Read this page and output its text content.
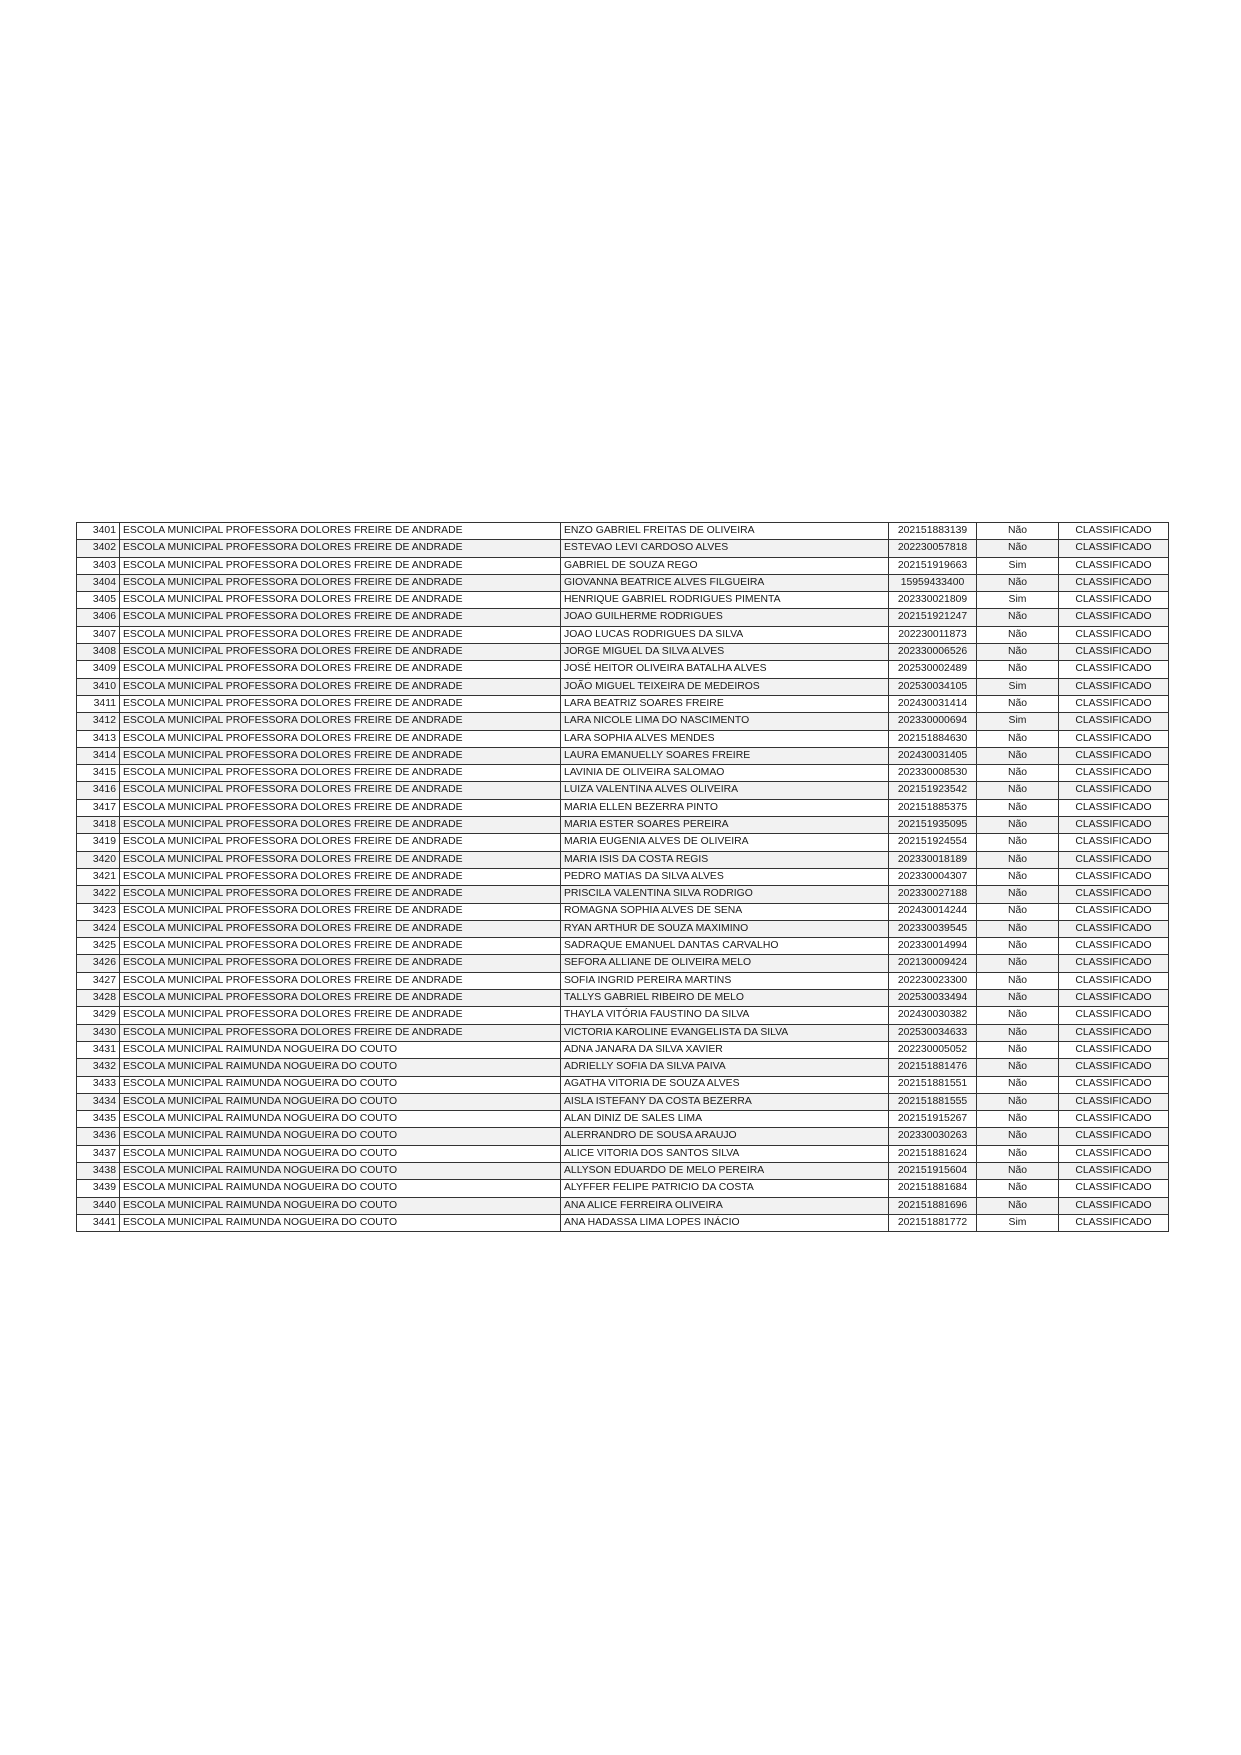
3401	ESCOLA MUNICIPAL PROFESSORA DOLORES FREIRE DE ANDRADE	ENZO GABRIEL FREITAS DE OLIVEIRA	202151883139	Não	CLASSIFICADO
3402	ESCOLA MUNICIPAL PROFESSORA DOLORES FREIRE DE ANDRADE	ESTEVAO LEVI CARDOSO ALVES	202230057818	Não	CLASSIFICADO
3403	ESCOLA MUNICIPAL PROFESSORA DOLORES FREIRE DE ANDRADE	GABRIEL DE SOUZA REGO	202151919663	Sim	CLASSIFICADO
3404	ESCOLA MUNICIPAL PROFESSORA DOLORES FREIRE DE ANDRADE	GIOVANNA BEATRICE ALVES FILGUEIRA	15959433400	Não	CLASSIFICADO
3405	ESCOLA MUNICIPAL PROFESSORA DOLORES FREIRE DE ANDRADE	HENRIQUE GABRIEL RODRIGUES PIMENTA	202330021809	Sim	CLASSIFICADO
3406	ESCOLA MUNICIPAL PROFESSORA DOLORES FREIRE DE ANDRADE	JOAO GUILHERME RODRIGUES	202151921247	Não	CLASSIFICADO
3407	ESCOLA MUNICIPAL PROFESSORA DOLORES FREIRE DE ANDRADE	JOAO LUCAS RODRIGUES DA SILVA	202230011873	Não	CLASSIFICADO
3408	ESCOLA MUNICIPAL PROFESSORA DOLORES FREIRE DE ANDRADE	JORGE MIGUEL DA SILVA ALVES	202330006526	Não	CLASSIFICADO
3409	ESCOLA MUNICIPAL PROFESSORA DOLORES FREIRE DE ANDRADE	JOSÉ HEITOR OLIVEIRA BATALHA ALVES	202530002489	Não	CLASSIFICADO
3410	ESCOLA MUNICIPAL PROFESSORA DOLORES FREIRE DE ANDRADE	JOÃO MIGUEL TEIXEIRA DE MEDEIROS	202530034105	Sim	CLASSIFICADO
3411	ESCOLA MUNICIPAL PROFESSORA DOLORES FREIRE DE ANDRADE	LARA BEATRIZ SOARES FREIRE	202430031414	Não	CLASSIFICADO
3412	ESCOLA MUNICIPAL PROFESSORA DOLORES FREIRE DE ANDRADE	LARA NICOLE LIMA DO NASCIMENTO	202330000694	Sim	CLASSIFICADO
3413	ESCOLA MUNICIPAL PROFESSORA DOLORES FREIRE DE ANDRADE	LARA SOPHIA ALVES MENDES	202151884630	Não	CLASSIFICADO
3414	ESCOLA MUNICIPAL PROFESSORA DOLORES FREIRE DE ANDRADE	LAURA EMANUELLY SOARES FREIRE	202430031405	Não	CLASSIFICADO
3415	ESCOLA MUNICIPAL PROFESSORA DOLORES FREIRE DE ANDRADE	LAVINIA DE OLIVEIRA SALOMAO	202330008530	Não	CLASSIFICADO
3416	ESCOLA MUNICIPAL PROFESSORA DOLORES FREIRE DE ANDRADE	LUIZA VALENTINA ALVES OLIVEIRA	202151923542	Não	CLASSIFICADO
3417	ESCOLA MUNICIPAL PROFESSORA DOLORES FREIRE DE ANDRADE	MARIA ELLEN BEZERRA PINTO	202151885375	Não	CLASSIFICADO
3418	ESCOLA MUNICIPAL PROFESSORA DOLORES FREIRE DE ANDRADE	MARIA ESTER SOARES PEREIRA	202151935095	Não	CLASSIFICADO
3419	ESCOLA MUNICIPAL PROFESSORA DOLORES FREIRE DE ANDRADE	MARIA EUGENIA ALVES DE OLIVEIRA	202151924554	Não	CLASSIFICADO
3420	ESCOLA MUNICIPAL PROFESSORA DOLORES FREIRE DE ANDRADE	MARIA ISIS DA COSTA REGIS	202330018189	Não	CLASSIFICADO
3421	ESCOLA MUNICIPAL PROFESSORA DOLORES FREIRE DE ANDRADE	PEDRO MATIAS DA SILVA ALVES	202330004307	Não	CLASSIFICADO
3422	ESCOLA MUNICIPAL PROFESSORA DOLORES FREIRE DE ANDRADE	PRISCILA VALENTINA SILVA RODRIGO	202330027188	Não	CLASSIFICADO
3423	ESCOLA MUNICIPAL PROFESSORA DOLORES FREIRE DE ANDRADE	ROMAGNA SOPHIA ALVES DE SENA	202430014244	Não	CLASSIFICADO
3424	ESCOLA MUNICIPAL PROFESSORA DOLORES FREIRE DE ANDRADE	RYAN ARTHUR DE SOUZA MAXIMINO	202330039545	Não	CLASSIFICADO
3425	ESCOLA MUNICIPAL PROFESSORA DOLORES FREIRE DE ANDRADE	SADRAQUE EMANUEL DANTAS CARVALHO	202330014994	Não	CLASSIFICADO
3426	ESCOLA MUNICIPAL PROFESSORA DOLORES FREIRE DE ANDRADE	SEFORA ALLIANE DE OLIVEIRA MELO	202130009424	Não	CLASSIFICADO
3427	ESCOLA MUNICIPAL PROFESSORA DOLORES FREIRE DE ANDRADE	SOFIA INGRID PEREIRA MARTINS	202230023300	Não	CLASSIFICADO
3428	ESCOLA MUNICIPAL PROFESSORA DOLORES FREIRE DE ANDRADE	TALLYS GABRIEL RIBEIRO DE MELO	202530033494	Não	CLASSIFICADO
3429	ESCOLA MUNICIPAL PROFESSORA DOLORES FREIRE DE ANDRADE	THAYLA VITÓRIA FAUSTINO DA SILVA	202430030382	Não	CLASSIFICADO
3430	ESCOLA MUNICIPAL PROFESSORA DOLORES FREIRE DE ANDRADE	VICTORIA KAROLINE EVANGELISTA DA SILVA	202530034633	Não	CLASSIFICADO
3431	ESCOLA MUNICIPAL RAIMUNDA NOGUEIRA DO COUTO	ADNA JANARA DA SILVA XAVIER	202230005052	Não	CLASSIFICADO
3432	ESCOLA MUNICIPAL RAIMUNDA NOGUEIRA DO COUTO	ADRIELLY SOFIA DA SILVA PAIVA	202151881476	Não	CLASSIFICADO
3433	ESCOLA MUNICIPAL RAIMUNDA NOGUEIRA DO COUTO	AGATHA VITORIA DE SOUZA ALVES	202151881551	Não	CLASSIFICADO
3434	ESCOLA MUNICIPAL RAIMUNDA NOGUEIRA DO COUTO	AISLA ISTEFANY DA COSTA BEZERRA	202151881555	Não	CLASSIFICADO
3435	ESCOLA MUNICIPAL RAIMUNDA NOGUEIRA DO COUTO	ALAN DINIZ DE SALES LIMA	202151915267	Não	CLASSIFICADO
3436	ESCOLA MUNICIPAL RAIMUNDA NOGUEIRA DO COUTO	ALERRANDRO DE SOUSA ARAUJO	202330030263	Não	CLASSIFICADO
3437	ESCOLA MUNICIPAL RAIMUNDA NOGUEIRA DO COUTO	ALICE VITORIA DOS SANTOS SILVA	202151881624	Não	CLASSIFICADO
3438	ESCOLA MUNICIPAL RAIMUNDA NOGUEIRA DO COUTO	ALLYSON EDUARDO DE MELO PEREIRA	202151915604	Não	CLASSIFICADO
3439	ESCOLA MUNICIPAL RAIMUNDA NOGUEIRA DO COUTO	ALYFFER FELIPE PATRICIO DA COSTA	202151881684	Não	CLASSIFICADO
3440	ESCOLA MUNICIPAL RAIMUNDA NOGUEIRA DO COUTO	ANA ALICE FERREIRA OLIVEIRA	202151881696	Não	CLASSIFICADO
3441	ESCOLA MUNICIPAL RAIMUNDA NOGUEIRA DO COUTO	ANA HADASSA LIMA LOPES INÁCIO	202151881772	Sim	CLASSIFICADO
